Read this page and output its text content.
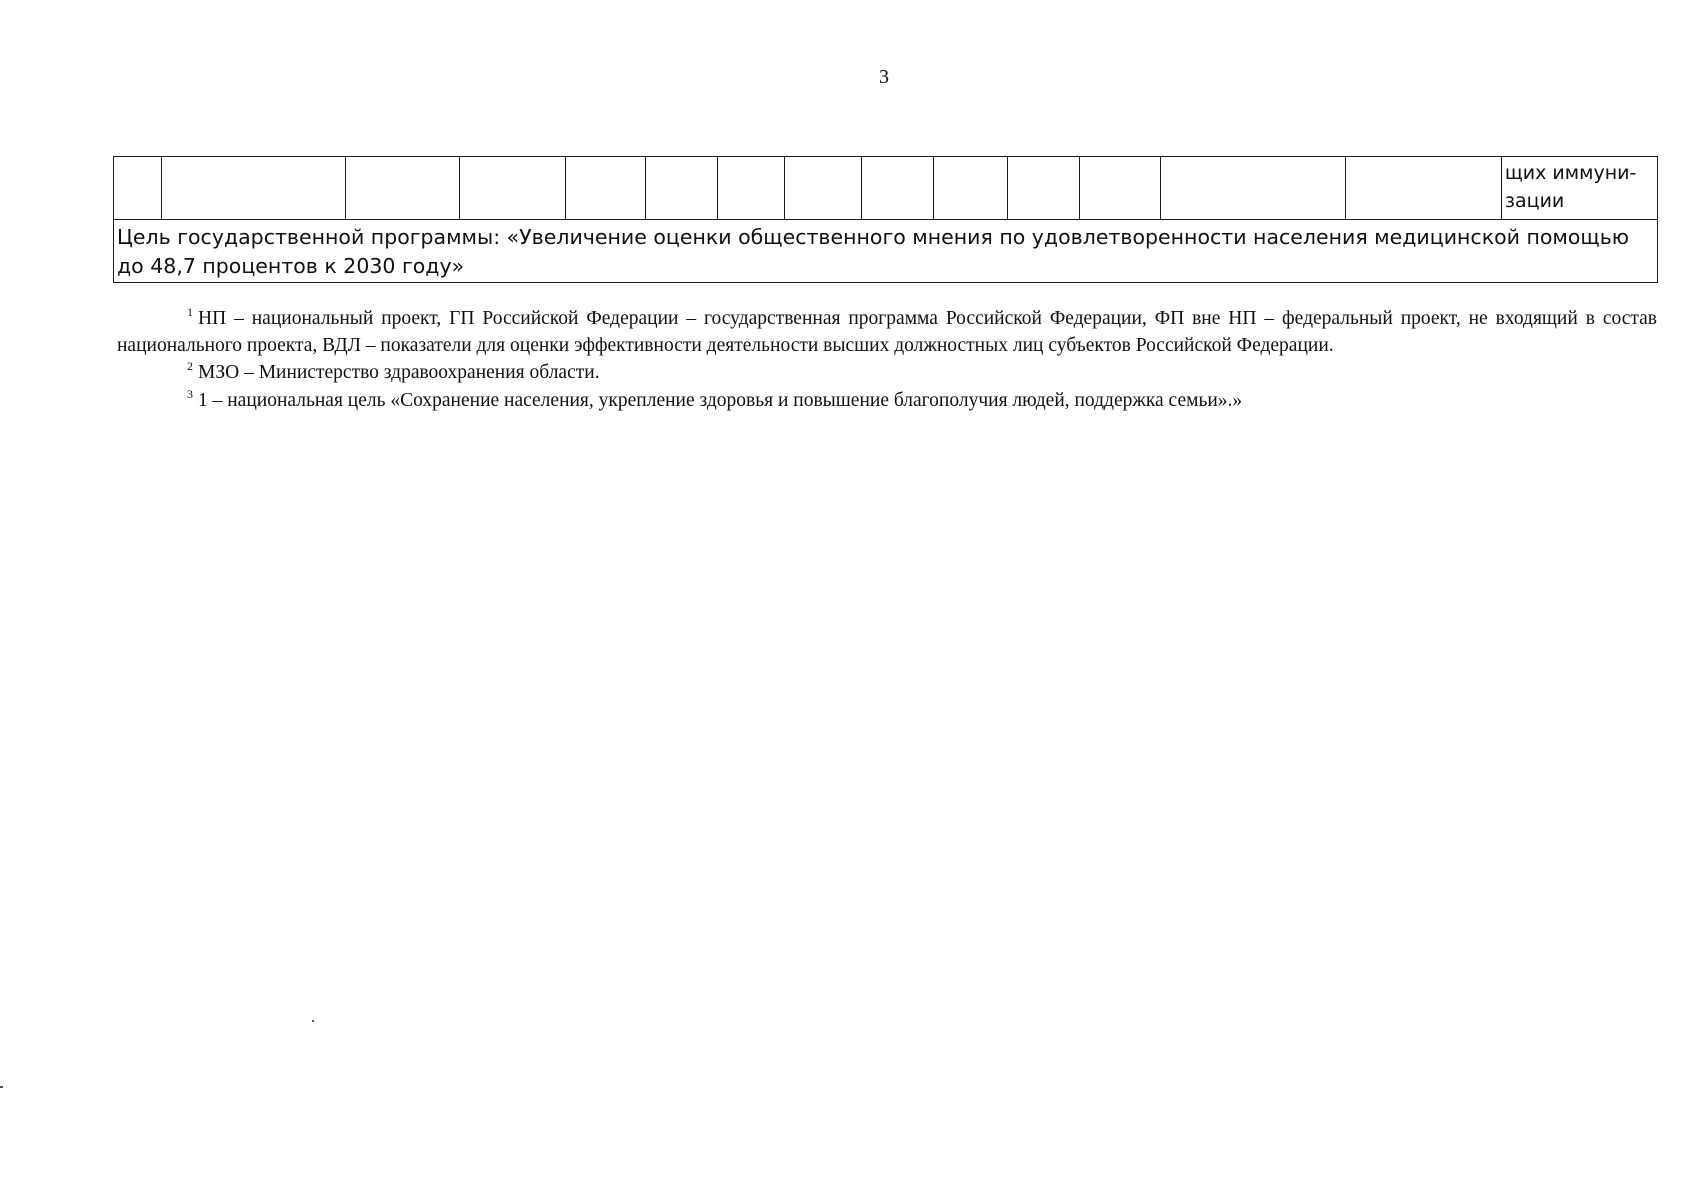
3
														щих иммуни-
зации
Цель государственной программы: «Увеличение оценки общественного мнения по удовлетворенности населения медицинской помощью до 48,7 процентов к 2030 году»

$^1$ НП – национальный проект, ГП Российской Федерации – государственная программа Российской Федерации, ФП вне НП – федеральный проект, не входящий в состав национального проекта, ВДЛ – показатели для оценки эффективности деятельности высших должностных лиц субъектов Российской Федерации.

$^2$ МЗО – Министерство здравоохранения области.

$^3$ 1 – национальная цель «Сохранение населения, укрепление здоровья и повышение благополучия людей, поддержка семьи».»
